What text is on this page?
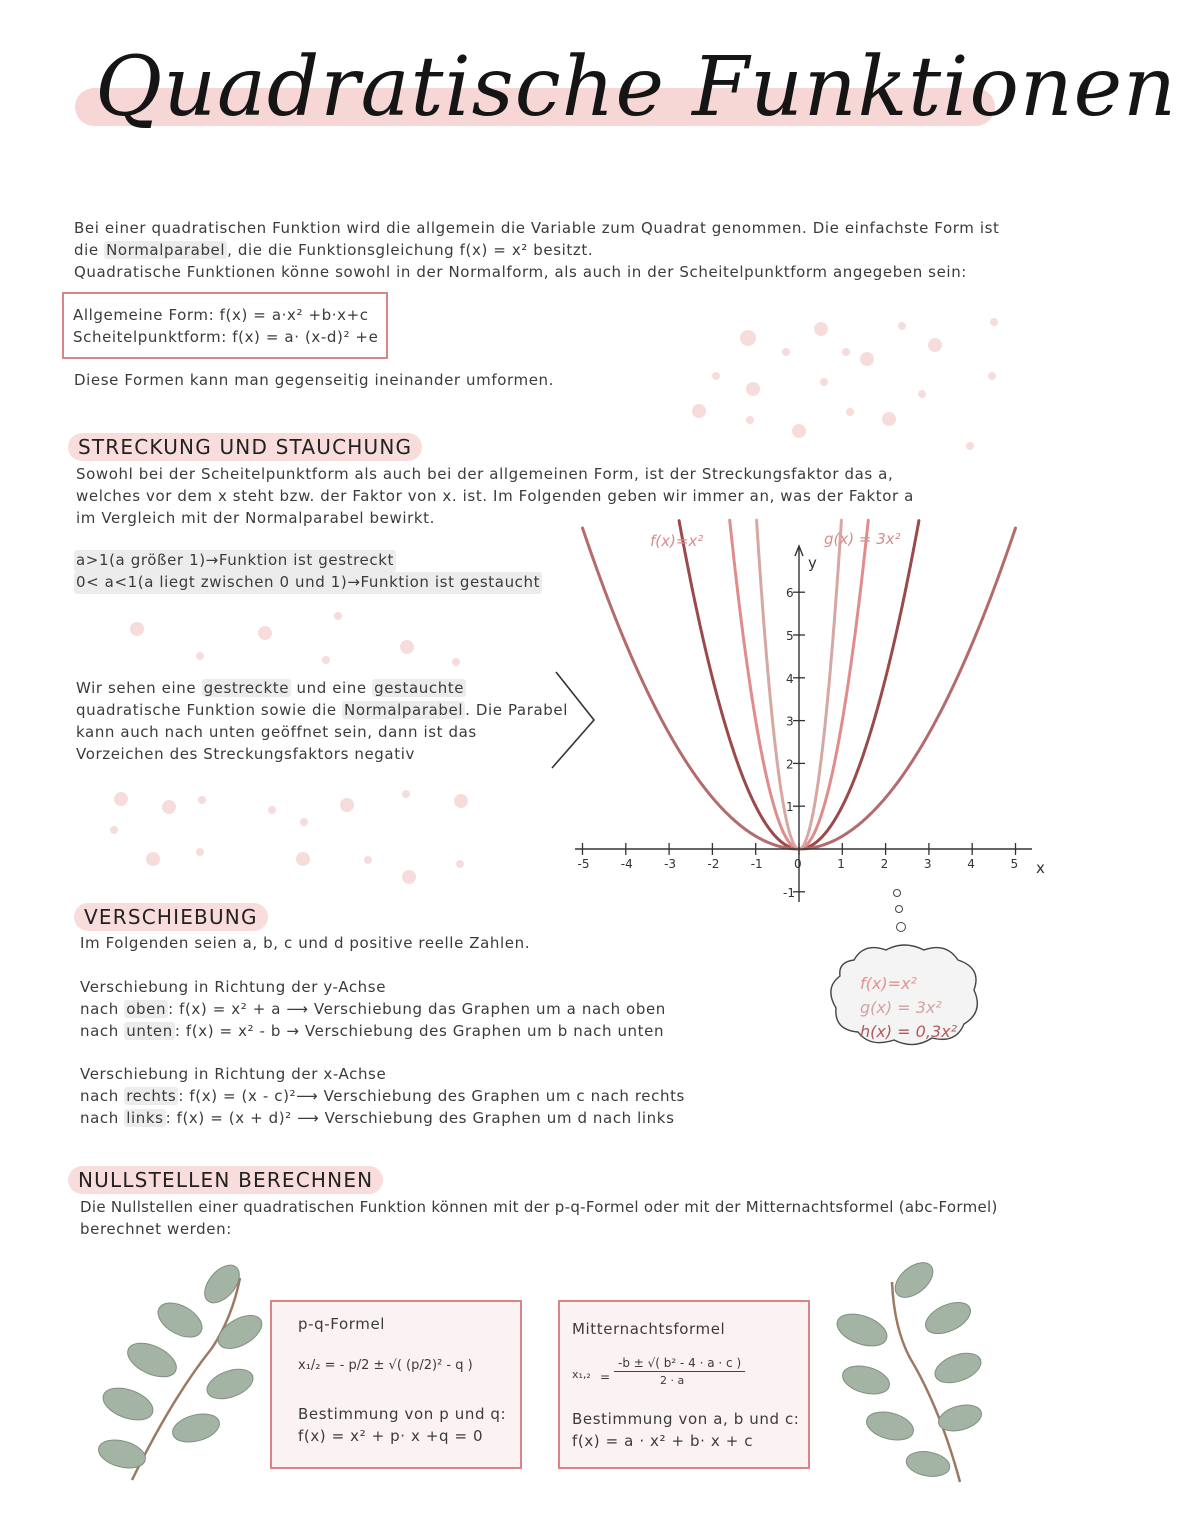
Quadratische Funktionen
Bei einer quadratischen Funktion wird die allgemein die Variable zum Quadrat genommen. Die einfachste Form ist
die Normalparabel , die die Funktionsgleichung f(x) = x² besitzt.
Quadratische Funktionen könne sowohl in der Normalform, als auch in der Scheitelpunktform angegeben sein:
Allgemeine Form: f(x) = a·x² +b·x+c
Scheitelpunktform: f(x) = a· (x-d)² +e
Diese Formen kann man gegenseitig ineinander umformen.
STRECKUNG UND STAUCHUNG
Sowohl bei der Scheitelpunktform als auch bei der allgemeinen Form, ist der Streckungsfaktor das a,
welches vor dem x steht bzw. der Faktor von x. ist. Im Folgenden geben wir immer an, was der Faktor a
im Vergleich mit der Normalparabel bewirkt.
a>1(a größer 1)→Funktion ist gestreckt
0< a<1(a liegt zwischen 0 und 1)→Funktion ist gestaucht
Wir sehen eine gestreckte und eine gestauchte
quadratische Funktion sowie die Normalparabel . Die Parabel
kann auch nach unten geöffnet sein, dann ist das
Vorzeichen des Streckungsfaktors negativ
-5	-4	-3	-2	-1	0	1	2	3	4	5
-1
1
2
3
4
5
6
x
y
f(x)=x²	g(x) = 3x²
f(x)=x²
g(x) = 3x²
h(x) = 0,3x²
VERSCHIEBUNG
Im Folgenden seien a, b, c und d positive reelle Zahlen.
Verschiebung in Richtung der y-Achse
nach oben : f(x) = x² + a ⟶ Verschiebung das Graphen um a nach oben
nach unten : f(x) = x² - b → Verschiebung des Graphen um b nach unten
Verschiebung in Richtung der x-Achse
nach rechts : f(x) = (x - c)²⟶ Verschiebung des Graphen um c nach rechts
nach links : f(x) = (x + d)² ⟶ Verschiebung des Graphen um d nach links
NULLSTELLEN BERECHNEN
Die Nullstellen einer quadratischen Funktion können mit der p-q-Formel oder mit der Mitternachtsformel (abc-Formel)
berechnet werden:
p-q-Formel
x₁/₂ = - p/2 ± √( (p/2)² - q )
Bestimmung von p und q:
f(x) = x² + p· x +q = 0
Mitternachtsformel
x₁,₂ =
-b ± √( b² - 4 · a · c )
2 · a
Bestimmung von a, b und c:
f(x) = a · x² + b· x + c
